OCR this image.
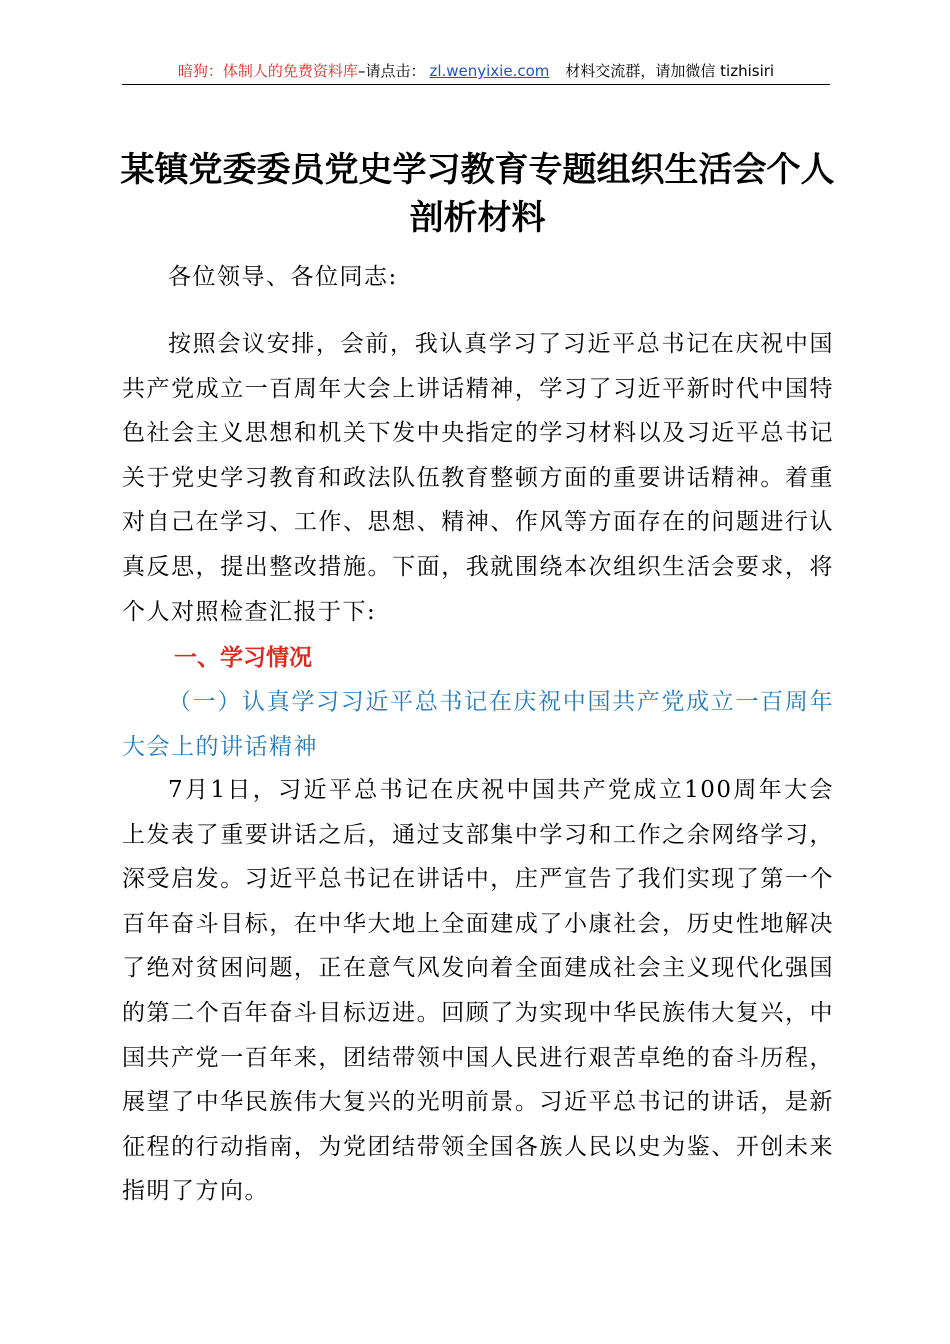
暗狗：体制人的免费资料库–请点击： zl.wenyixie.com 材料交流群，请加微信 tizhisiri
某镇党委委员党史学习教育专题组织生活会个人剖析材料
各位领导、各位同志:
按照会议安排，会前，我认真学习了习近平总书记在庆祝中国共产党成立一百周年大会上讲话精神，学习了习近平新时代中国特色社会主义思想和机关下发中央指定的学习材料以及习近平总书记关于党史学习教育和政法队伍教育整顿方面的重要讲话精神。着重对自己在学习、工作、思想、精神、作风等方面存在的问题进行认真反思，提出整改措施。下面，我就围绕本次组织生活会要求，将个人对照检查汇报于下:
一、学习情况
（一）认真学习习近平总书记在庆祝中国共产党成立一百周年大会上的讲话精神
7月1日，习近平总书记在庆祝中国共产党成立100周年大会上发表了重要讲话之后，通过支部集中学习和工作之余网络学习，深受启发。习近平总书记在讲话中，庄严宣告了我们实现了第一个百年奋斗目标，在中华大地上全面建成了小康社会，历史性地解决了绝对贫困问题，正在意气风发向着全面建成社会主义现代化强国的第二个百年奋斗目标迈进。回顾了为实现中华民族伟大复兴，中国共产党一百年来，团结带领中国人民进行艰苦卓绝的奋斗历程，展望了中华民族伟大复兴的光明前景。习近平总书记的讲话，是新征程的行动指南，为党团结带领全国各族人民以史为鉴、开创未来指明了方向。
